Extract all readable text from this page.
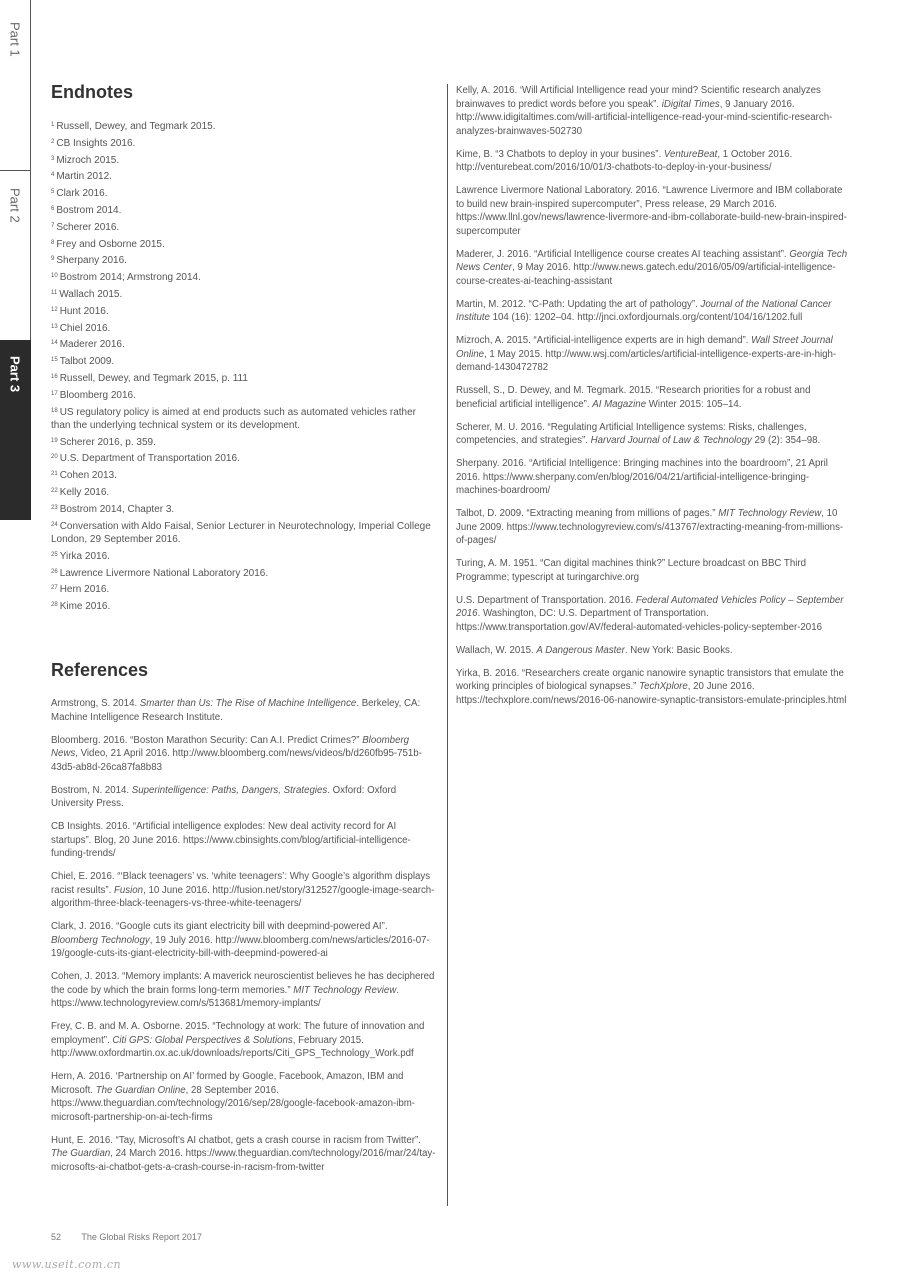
Part 1
Part 2
Part 3
Endnotes
$^1$ Russell, Dewey, and Tegmark 2015.
$^2$ CB Insights 2016.
$^3$ Mizroch 2015.
$^4$ Martin 2012.
$^5$ Clark 2016.
$^6$ Bostrom 2014.
$^7$ Scherer 2016.
$^8$ Frey and Osborne 2015.
$^9$ Sherpany 2016.
$^{10}$ Bostrom 2014; Armstrong 2014.
$^{11}$ Wallach 2015.
$^{12}$ Hunt 2016.
$^{13}$ Chiel 2016.
$^{14}$ Maderer 2016.
$^{15}$ Talbot 2009.
$^{16}$ Russell, Dewey, and Tegmark 2015, p. 111
$^{17}$ Bloomberg 2016.
$^{18}$ US regulatory policy is aimed at end products such as automated vehicles rather than the underlying technical system or its development.
$^{19}$ Scherer 2016, p. 359.
$^{20}$ U.S. Department of Transportation 2016.
$^{21}$ Cohen 2013.
$^{22}$ Kelly 2016.
$^{23}$ Bostrom 2014, Chapter 3.
$^{24}$ Conversation with Aldo Faisal, Senior Lecturer in Neurotechnology, Imperial College London, 29 September 2016.
$^{25}$ Yirka 2016.
$^{26}$ Lawrence Livermore National Laboratory 2016.
$^{27}$ Hern 2016.
$^{28}$ Kime 2016.
References
Armstrong, S. 2014. Smarter than Us: The Rise of Machine Intelligence. Berkeley, CA: Machine Intelligence Research Institute.
Bloomberg. 2016. “Boston Marathon Security: Can A.I. Predict Crimes?” Bloomberg News, Video, 21 April 2016. http://www.bloomberg.com/news/videos/b/d260fb95-751b-43d5-ab8d-26ca87fa8b83
Bostrom, N. 2014. Superintelligence: Paths, Dangers, Strategies. Oxford: Oxford University Press.
CB Insights. 2016. “Artificial intelligence explodes: New deal activity record for AI startups”. Blog, 20 June 2016. https://www.cbinsights.com/blog/artificial-intelligence-funding-trends/
Chiel, E. 2016. “‘Black teenagers’ vs. ‘white teenagers’: Why Google’s algorithm displays racist results”. Fusion, 10 June 2016. http://fusion.net/story/312527/google-image-search-algorithm-three-black-teenagers-vs-three-white-teenagers/
Clark, J. 2016. “Google cuts its giant electricity bill with deepmind-powered AI”. Bloomberg Technology, 19 July 2016. http://www.bloomberg.com/news/articles/2016-07-19/google-cuts-its-giant-electricity-bill-with-deepmind-powered-ai
Cohen, J. 2013. “Memory implants: A maverick neuroscientist believes he has deciphered the code by which the brain forms long-term memories.” MIT Technology Review. https://www.technologyreview.com/s/513681/memory-implants/
Frey, C. B. and M. A. Osborne. 2015. “Technology at work: The future of innovation and employment”. Citi GPS: Global Perspectives & Solutions, February 2015. http://www.oxfordmartin.ox.ac.uk/downloads/reports/Citi_GPS_Technology_Work.pdf
Hern, A. 2016. ‘Partnership on AI’ formed by Google, Facebook, Amazon, IBM and Microsoft. The Guardian Online, 28 September 2016. https://www.theguardian.com/technology/2016/sep/28/google-facebook-amazon-ibm-microsoft-partnership-on-ai-tech-firms
Hunt, E. 2016. “Tay, Microsoft’s AI chatbot, gets a crash course in racism from Twitter”. The Guardian, 24 March 2016. https://www.theguardian.com/technology/2016/mar/24/tay-microsofts-ai-chatbot-gets-a-crash-course-in-racism-from-twitter
Kelly, A. 2016. ‘Will Artificial Intelligence read your mind? Scientific research analyzes brainwaves to predict words before you speak”. iDigital Times, 9 January 2016. http://www.idigitaltimes.com/will-artificial-intelligence-read-your-mind-scientific-research-analyzes-brainwaves-502730
Kime, B. “3 Chatbots to deploy in your busines”. VentureBeat, 1 October 2016. http://venturebeat.com/2016/10/01/3-chatbots-to-deploy-in-your-business/
Lawrence Livermore National Laboratory. 2016. “Lawrence Livermore and IBM collaborate to build new brain-inspired supercomputer”, Press release, 29 March 2016. https://www.llnl.gov/news/lawrence-livermore-and-ibm-collaborate-build-new-brain-inspired-supercomputer
Maderer, J. 2016. “Artificial Intelligence course creates AI teaching assistant”. Georgia Tech News Center, 9 May 2016. http://www.news.gatech.edu/2016/05/09/artificial-intelligence-course-creates-ai-teaching-assistant
Martin, M. 2012. “C-Path: Updating the art of pathology”. Journal of the National Cancer Institute 104 (16): 1202–04. http://jnci.oxfordjournals.org/content/104/16/1202.full
Mizroch, A. 2015. “Artificial-intelligence experts are in high demand”. Wall Street Journal Online, 1 May 2015. http://www.wsj.com/articles/artificial-intelligence-experts-are-in-high-demand-1430472782
Russell, S., D. Dewey, and M. Tegmark. 2015. “Research priorities for a robust and beneficial artificial intelligence”. AI Magazine Winter 2015: 105–14.
Scherer, M. U. 2016. “Regulating Artificial Intelligence systems: Risks, challenges, competencies, and strategies”. Harvard Journal of Law & Technology 29 (2): 354–98.
Sherpany. 2016. “Artificial Intelligence: Bringing machines into the boardroom”, 21 April 2016. https://www.sherpany.com/en/blog/2016/04/21/artificial-intelligence-bringing-machines-boardroom/
Talbot, D. 2009. “Extracting meaning from millions of pages.” MIT Technology Review, 10 June 2009. https://www.technologyreview.com/s/413767/extracting-meaning-from-millions-of-pages/
Turing, A. M. 1951. “Can digital machines think?” Lecture broadcast on BBC Third Programme; typescript at turingarchive.org
U.S. Department of Transportation. 2016. Federal Automated Vehicles Policy – September 2016. Washington, DC: U.S. Department of Transportation. https://www.transportation.gov/AV/federal-automated-vehicles-policy-september-2016
Wallach, W. 2015. A Dangerous Master. New York: Basic Books.
Yirka, B. 2016. “Researchers create organic nanowire synaptic transistors that emulate the working principles of biological synapses.” TechXplore, 20 June 2016. https://techxplore.com/news/2016-06-nanowire-synaptic-transistors-emulate-principles.html
52 The Global Risks Report 2017
www.useit.com.cn
